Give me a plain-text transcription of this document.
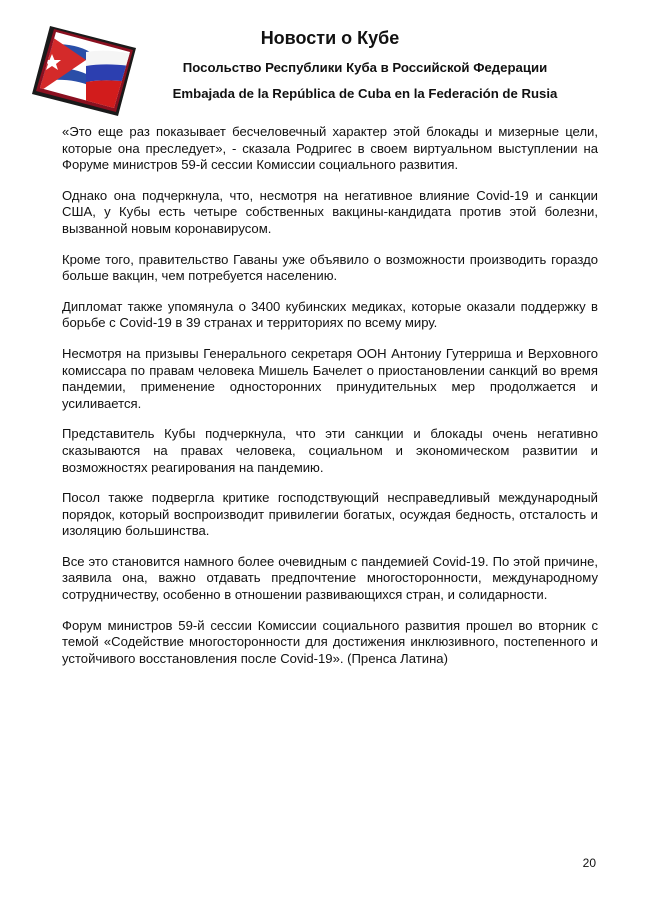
Новости о Кубе

Посольство Республики Куба в Российской Федерации

Embajada de la República de Cuba en la Federación de Rusia

«Это еще раз показывает бесчеловечный характер этой блокады и мизерные цели, которые она преследует», - сказала Родригес в своем виртуальном выступлении на Форуме министров 59-й сессии Комиссии социального развития.

Однако она подчеркнула, что, несмотря на негативное влияние Covid-19 и санкции США, у Кубы есть четыре собственных вакцины-кандидата против этой болезни, вызванной новым коронавирусом.

Кроме того, правительство Гаваны уже объявило о возможности производить гораздо больше вакцин, чем потребуется населению.

Дипломат также упомянула о 3400 кубинских медиках, которые оказали поддержку в борьбе с Covid-19 в 39 странах и территориях по всему миру.

Несмотря на призывы Генерального секретаря ООН Антониу Гутерриша и Верховного комиссара по правам человека Мишель Бачелет о приостановлении санкций во время пандемии, применение односторонних принудительных мер продолжается и усиливается.

Представитель Кубы подчеркнула, что эти санкции и блокады очень негативно сказываются на правах человека, социальном и экономическом развитии и возможностях реагирования на пандемию.

Посол также подвергла критике господствующий несправедливый международный порядок, который воспроизводит привилегии богатых, осуждая бедность, отсталость и изоляцию большинства.

Все это становится намного более очевидным с пандемией Covid-19. По этой причине, заявила она, важно отдавать предпочтение многосторонности, международному сотрудничеству, особенно в отношении развивающихся стран, и солидарности.

Форум министров 59-й сессии Комиссии социального развития прошел во вторник с темой «Содействие многосторонности для достижения инклюзивного, постепенного и устойчивого восстановления после Covid-19». (Пренса Латина)

20
